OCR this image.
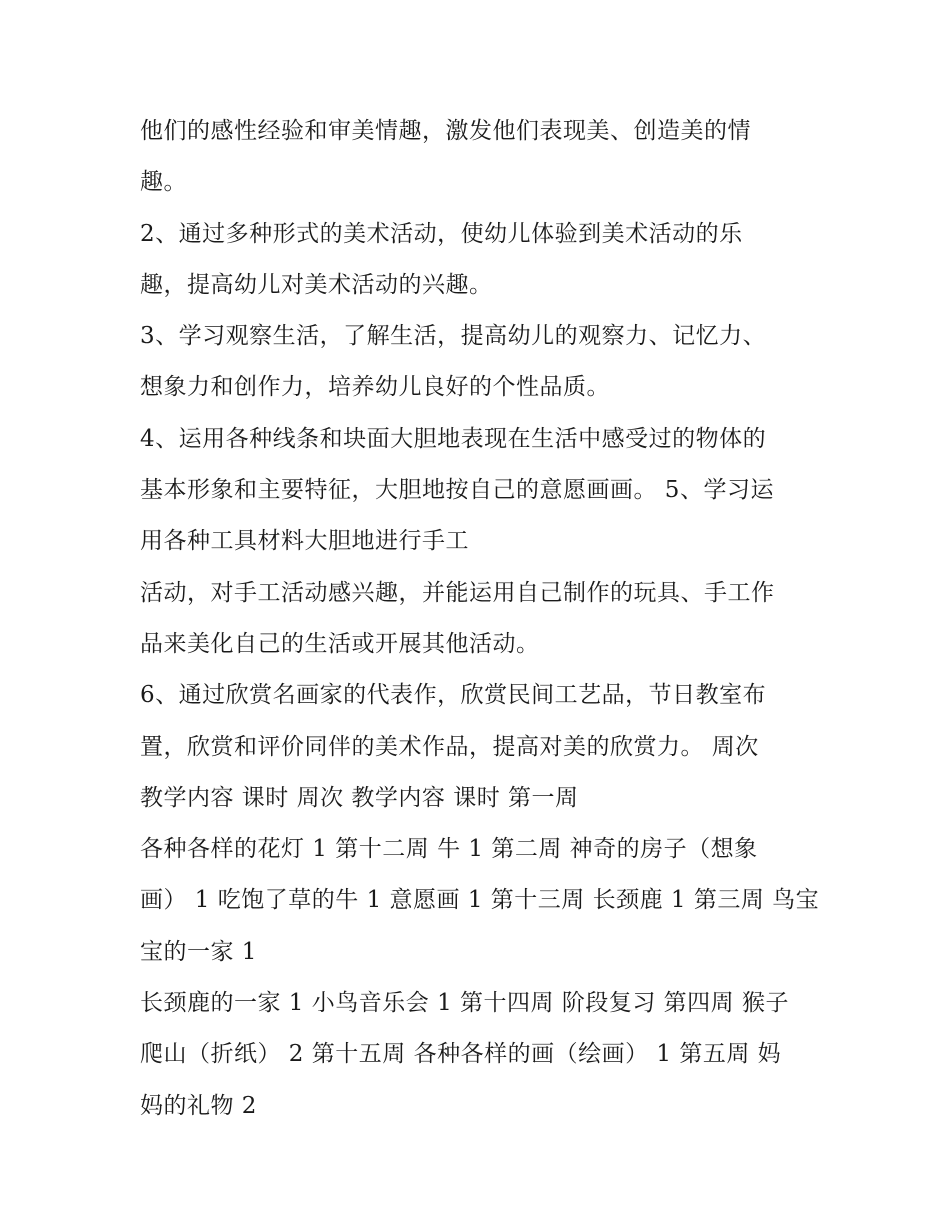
他们的感性经验和审美情趣，激发他们表现美、创造美的情
趣。
2、通过多种形式的美术活动，使幼儿体验到美术活动的乐
趣，提高幼儿对美术活动的兴趣。
3、学习观察生活，了解生活，提高幼儿的观察力、记忆力、
想象力和创作力，培养幼儿良好的个性品质。
4、运用各种线条和块面大胆地表现在生活中感受过的物体的
基本形象和主要特征，大胆地按自己的意愿画画。 5、学习运
用各种工具材料大胆地进行手工
活动，对手工活动感兴趣，并能运用自己制作的玩具、手工作
品来美化自己的生活或开展其他活动。
6、通过欣赏名画家的代表作，欣赏民间工艺品，节日教室布
置，欣赏和评价同伴的美术作品，提高对美的欣赏力。 周次
教学内容 课时 周次 教学内容 课时 第一周
各种各样的花灯 1 第十二周 牛 1 第二周 神奇的房子（想象
画） 1 吃饱了草的牛 1 意愿画 1 第十三周 长颈鹿 1 第三周 鸟宝
宝的一家 1
长颈鹿的一家 1 小鸟音乐会 1 第十四周 阶段复习 第四周 猴子
爬山（折纸） 2 第十五周 各种各样的画（绘画） 1 第五周 妈
妈的礼物 2
